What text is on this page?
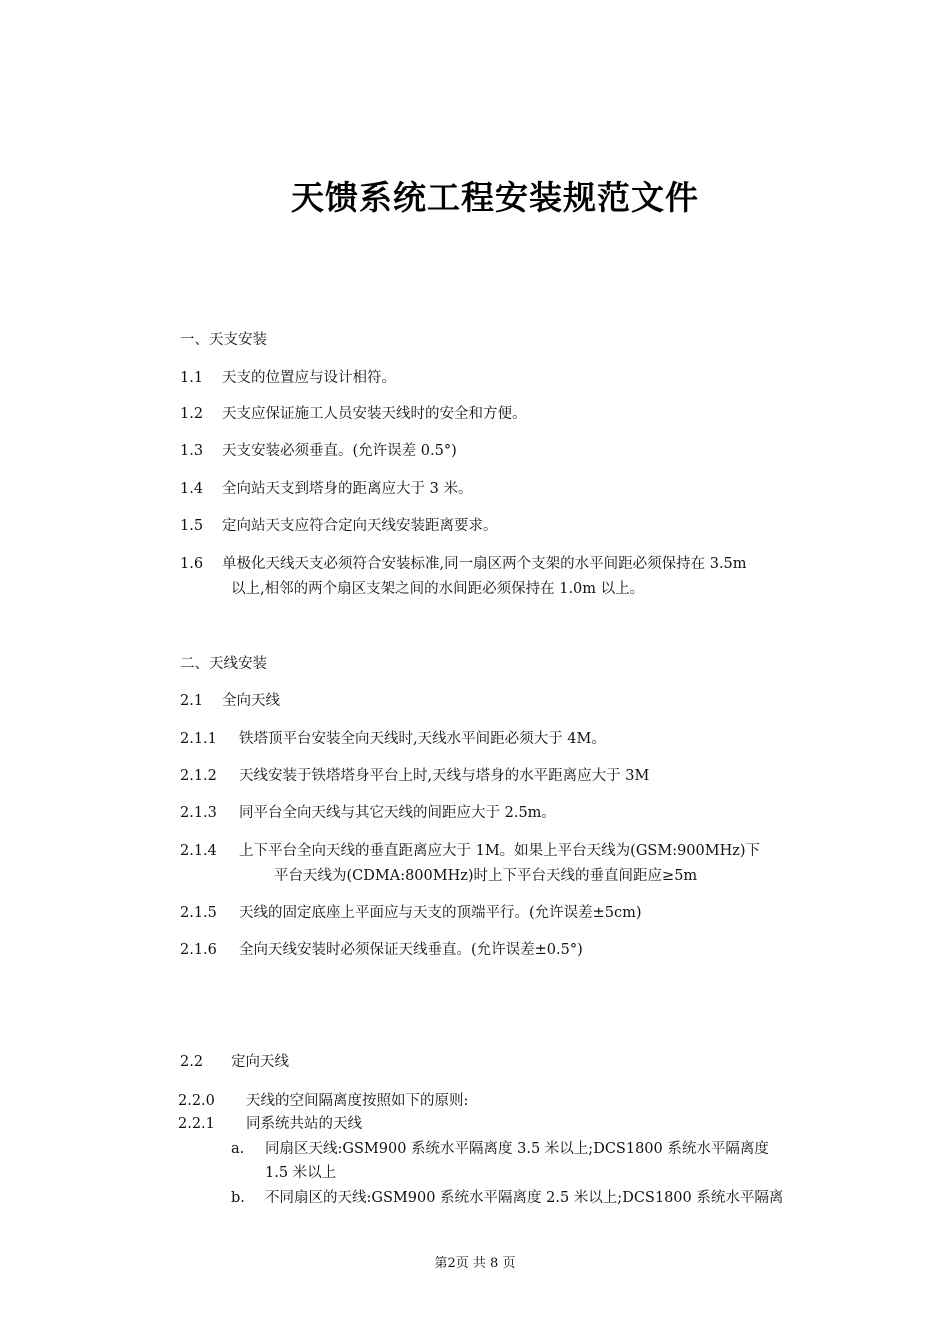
天馈系统工程安装规范文件
一、天支安装
1.1 天支的位置应与设计相符。
1.2 天支应保证施工人员安装天线时的安全和方便。
1.3 天支安装必须垂直。(允许误差 0.5°)
1.4 全向站天支到塔身的距离应大于 3 米。
1.5 定向站天支应符合定向天线安装距离要求。
1.6 单极化天线天支必须符合安装标准,同一扇区两个支架的水平间距必须保持在 3.5m
以上,相邻的两个扇区支架之间的水间距必须保持在 1.0m 以上。
二、天线安装
2.1 全向天线
2.1.1 铁塔顶平台安装全向天线时,天线水平间距必须大于 4M。
2.1.2 天线安装于铁塔塔身平台上时,天线与塔身的水平距离应大于 3M
2.1.3 同平台全向天线与其它天线的间距应大于 2.5m。
2.1.4 上下平台全向天线的垂直距离应大于 1M。如果上平台天线为(GSM:900MHz)下
平台天线为(CDMA:800MHz)时上下平台天线的垂直间距应≥5m
2.1.5 天线的固定底座上平面应与天支的顶端平行。(允许误差±5cm)
2.1.6 全向天线安装时必须保证天线垂直。(允许误差±0.5°)
2.2 定向天线
2.2.0 天线的空间隔离度按照如下的原则:
2.2.1 同系统共站的天线
a. 同扇区天线:GSM900 系统水平隔离度 3.5 米以上;DCS1800 系统水平隔离度
1.5 米以上
b. 不同扇区的天线:GSM900 系统水平隔离度 2.5 米以上;DCS1800 系统水平隔离
第2页 共 8 页
